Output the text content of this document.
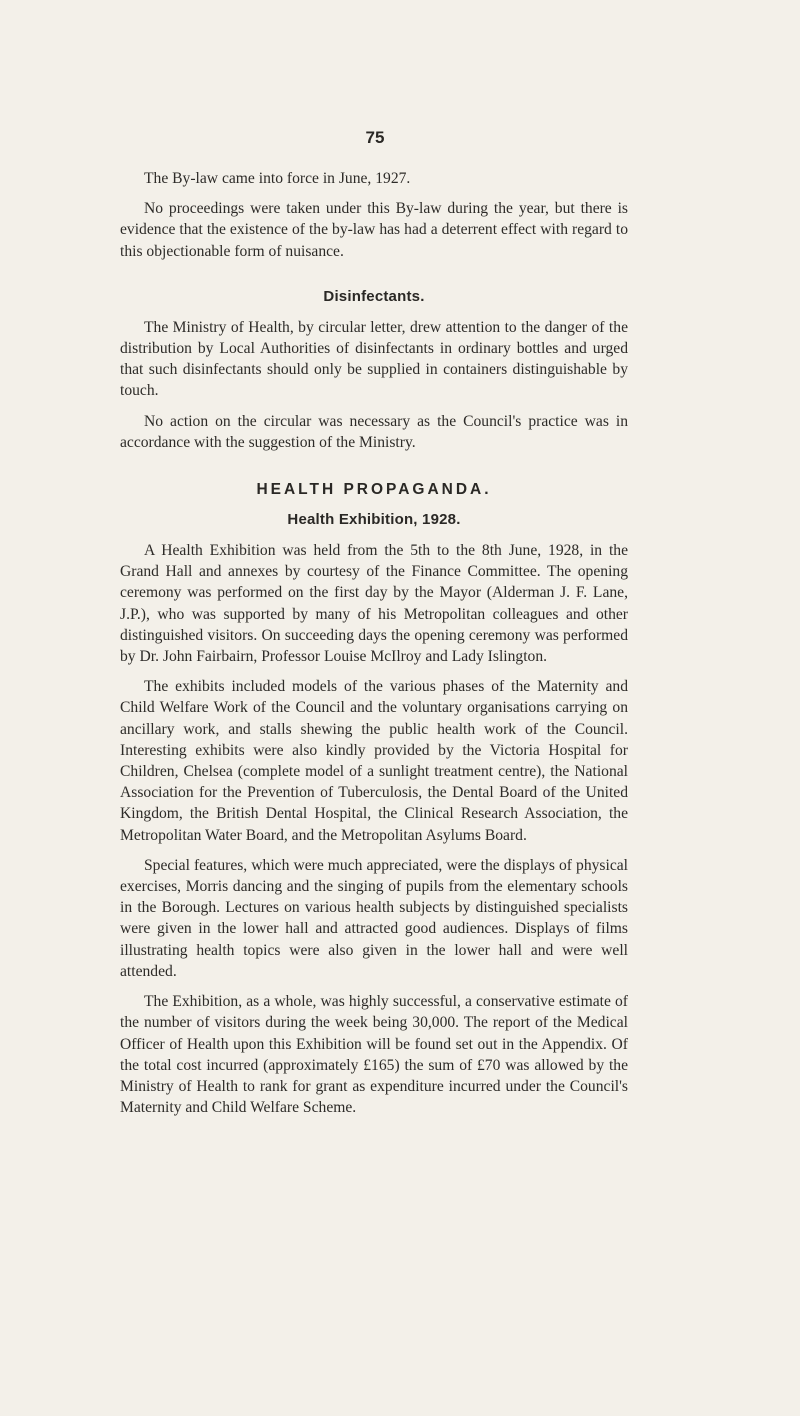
75

The By-law came into force in June, 1927.

No proceedings were taken under this By-law during the year, but there is evidence that the existence of the by-law has had a deterrent effect with regard to this objectionable form of nuisance.

Disinfectants.

The Ministry of Health, by circular letter, drew attention to the danger of the distribution by Local Authorities of disinfectants in ordinary bottles and urged that such disinfectants should only be supplied in containers distinguishable by touch.

No action on the circular was necessary as the Council's practice was in accordance with the suggestion of the Ministry.

HEALTH PROPAGANDA.
Health Exhibition, 1928.

A Health Exhibition was held from the 5th to the 8th June, 1928, in the Grand Hall and annexes by courtesy of the Finance Committee. The opening ceremony was performed on the first day by the Mayor (Alderman J. F. Lane, J.P.), who was supported by many of his Metropolitan colleagues and other distinguished visitors. On succeeding days the opening ceremony was performed by Dr. John Fairbairn, Professor Louise McIlroy and Lady Islington.

The exhibits included models of the various phases of the Maternity and Child Welfare Work of the Council and the voluntary organisations carrying on ancillary work, and stalls shewing the public health work of the Council. Interesting exhibits were also kindly provided by the Victoria Hospital for Children, Chelsea (complete model of a sunlight treatment centre), the National Association for the Prevention of Tuberculosis, the Dental Board of the United Kingdom, the British Dental Hospital, the Clinical Research Association, the Metropolitan Water Board, and the Metropolitan Asylums Board.

Special features, which were much appreciated, were the displays of physical exercises, Morris dancing and the singing of pupils from the elementary schools in the Borough. Lectures on various health subjects by distinguished specialists were given in the lower hall and attracted good audiences. Displays of films illustrating health topics were also given in the lower hall and were well attended.

The Exhibition, as a whole, was highly successful, a conservative estimate of the number of visitors during the week being 30,000. The report of the Medical Officer of Health upon this Exhibition will be found set out in the Appendix. Of the total cost incurred (approximately £165) the sum of £70 was allowed by the Ministry of Health to rank for grant as expenditure incurred under the Council's Maternity and Child Welfare Scheme.
